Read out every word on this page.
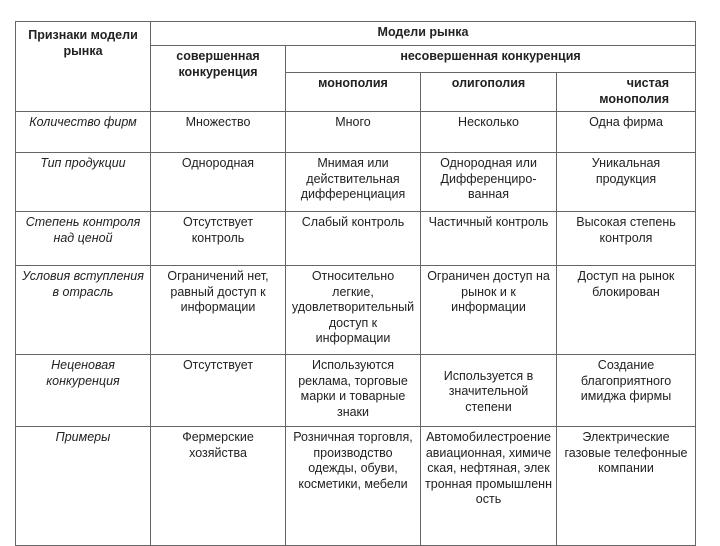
Признаки модели рынка	Модели рынка			
	совершенная конкуренция	несовершенная конкуренция		
		монополия	олигополия	чистая монополия
Количество фирм	Множество	Много	Несколько	Одна фирма
Тип продукции	Однородная	Мнимая или действительная дифференциация	Однородная или Дифференциро-ванная	Уникальная продукция
Степень контроля над ценой	Отсутствует контроль	Слабый контроль	Частичный контроль	Высокая степень контроля
Условия вступления в отрасль	Ограничений нет, равный доступ к информации	Относительно легкие, удовлетворительный доступ к информации	Ограничен доступ на рынок и к информации	Доступ на рынок блокирован
Неценовая конкуренция	Отсутствует	Используются реклама, торговые марки и товарные знаки	Используется в значительной степени	Создание благоприятного имиджа фирмы
Примеры	Фермерские хозяйства	Розничная торговля, производство одежды, обуви, косметики, мебели	Автомобилестроение авиационная, химическая, нефтяная, электронная промышленность	Электрические газовые телефонные компании
